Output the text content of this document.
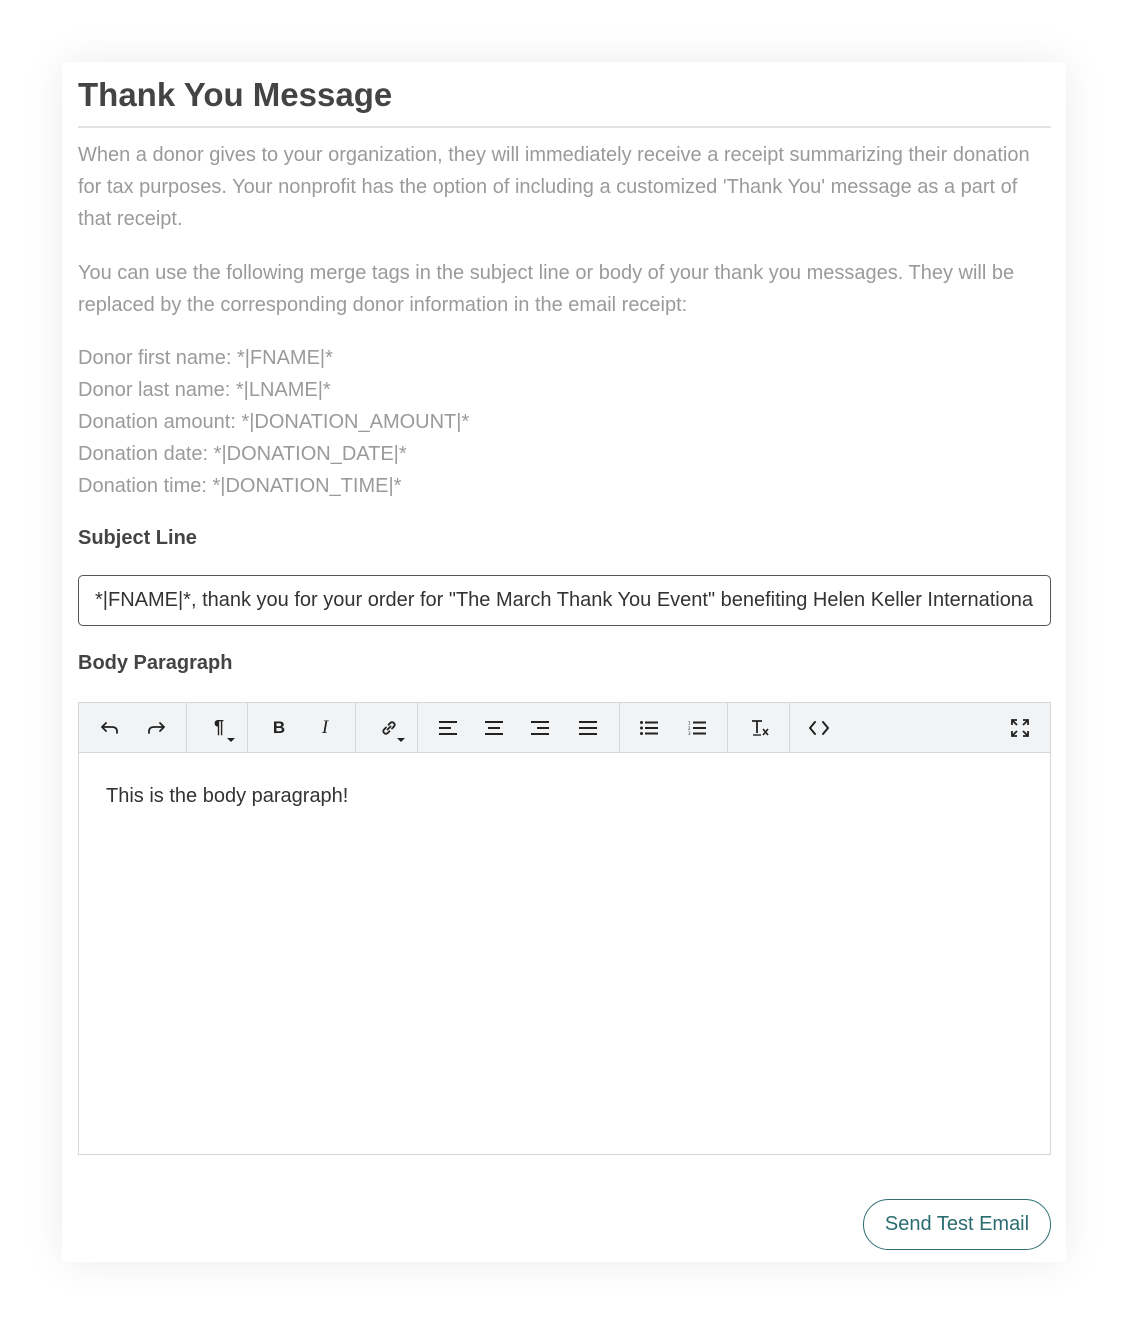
Thank You Message

When a donor gives to your organization, they will immediately receive a receipt summarizing their donation for tax purposes. Your nonprofit has the option of including a customized 'Thank You' message as a part of that receipt.

You can use the following merge tags in the subject line or body of your thank you messages. They will be replaced by the corresponding donor information in the email receipt:

Donor first name: *|FNAME|*
Donor last name: *|LNAME|*
Donation amount: *|DONATION_AMOUNT|*
Donation date: *|DONATION_DATE|*
Donation time: *|DONATION_TIME|*
Subject Line
*|FNAME|*, thank you for your order for "The March Thank You Event" benefiting Helen Keller International!
Body Paragraph
¶	B	I	1
2
3
This is the body paragraph!
Send Test Email
